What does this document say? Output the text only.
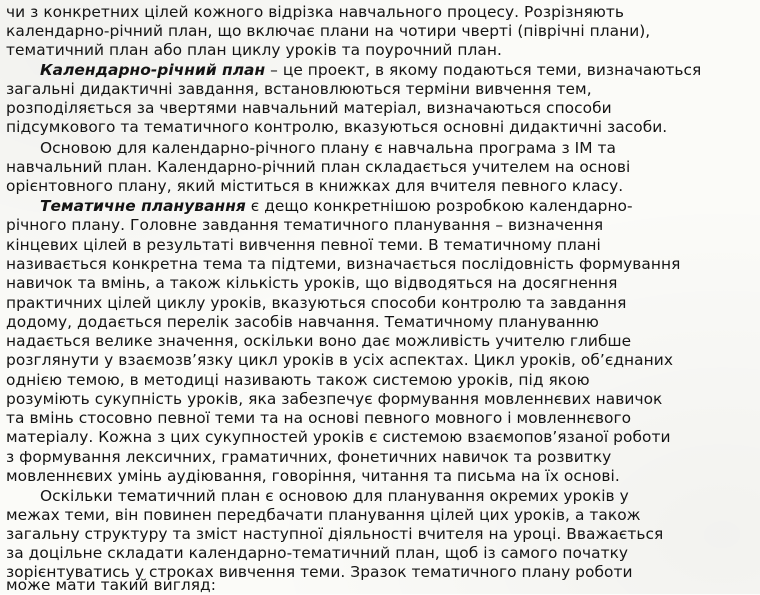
чи з конкретних цілей кожного відрізка навчального процесу. Розрізняють
календарно-річний план, що включає плани на чотири чверті (піврічні плани),
тематичний план або план циклу уроків та поурочний план.
Календарно-річний план – це проект, в якому подаються теми, визначаються
загальні дидактичні завдання, встановлюються терміни вивчення тем,
розподіляється за чвертями навчальний матеріал, визначаються способи
підсумкового та тематичного контролю, вказуються основні дидактичні засоби.
Основою для календарно-річного плану є навчальна програма з ІМ та
навчальний план. Календарно-річний план складається учителем на основі
орієнтовного плану, який міститься в книжках для вчителя певного класу.
Тематичне планування є дещо конкретнішою розробкою календарно-
річного плану. Головне завдання тематичного планування – визначення
кінцевих цілей в результаті вивчення певної теми. В тематичному плані
називається конкретна тема та підтеми, визначається послідовність формування
навичок та вмінь, а також кількість уроків, що відводяться на досягнення
практичних цілей циклу уроків, вказуються способи контролю та завдання
додому, додається перелік засобів навчання. Тематичному плануванню
надається велике значення, оскільки воно дає можливість учителю глибше
розглянути у взаємозв’язку цикл уроків в усіх аспектах. Цикл уроків, об’єднаних
однією темою, в методиці називають також системою уроків, під якою
розуміють сукупність уроків, яка забезпечує формування мовленнєвих навичок
та вмінь стосовно певної теми та на основі певного мовного і мовленнєвого
матеріалу. Кожна з цих сукупностей уроків є системою взаємопов’язаної роботи
з формування лексичних, граматичних, фонетичних навичок та розвитку
мовленнєвих умінь аудіювання, говоріння, читання та письма на їх основі.
Оскільки тематичний план є основою для планування окремих уроків у
межах теми, він повинен передбачати планування цілей цих уроків, а також
загальну структуру та зміст наступної діяльності вчителя на уроці. Вважається
за доцільне складати календарно-тематичний план, щоб із самого початку
зорієнтуватись у строках вивчення теми. Зразок тематичного плану роботи
може мати такий вигляд:
